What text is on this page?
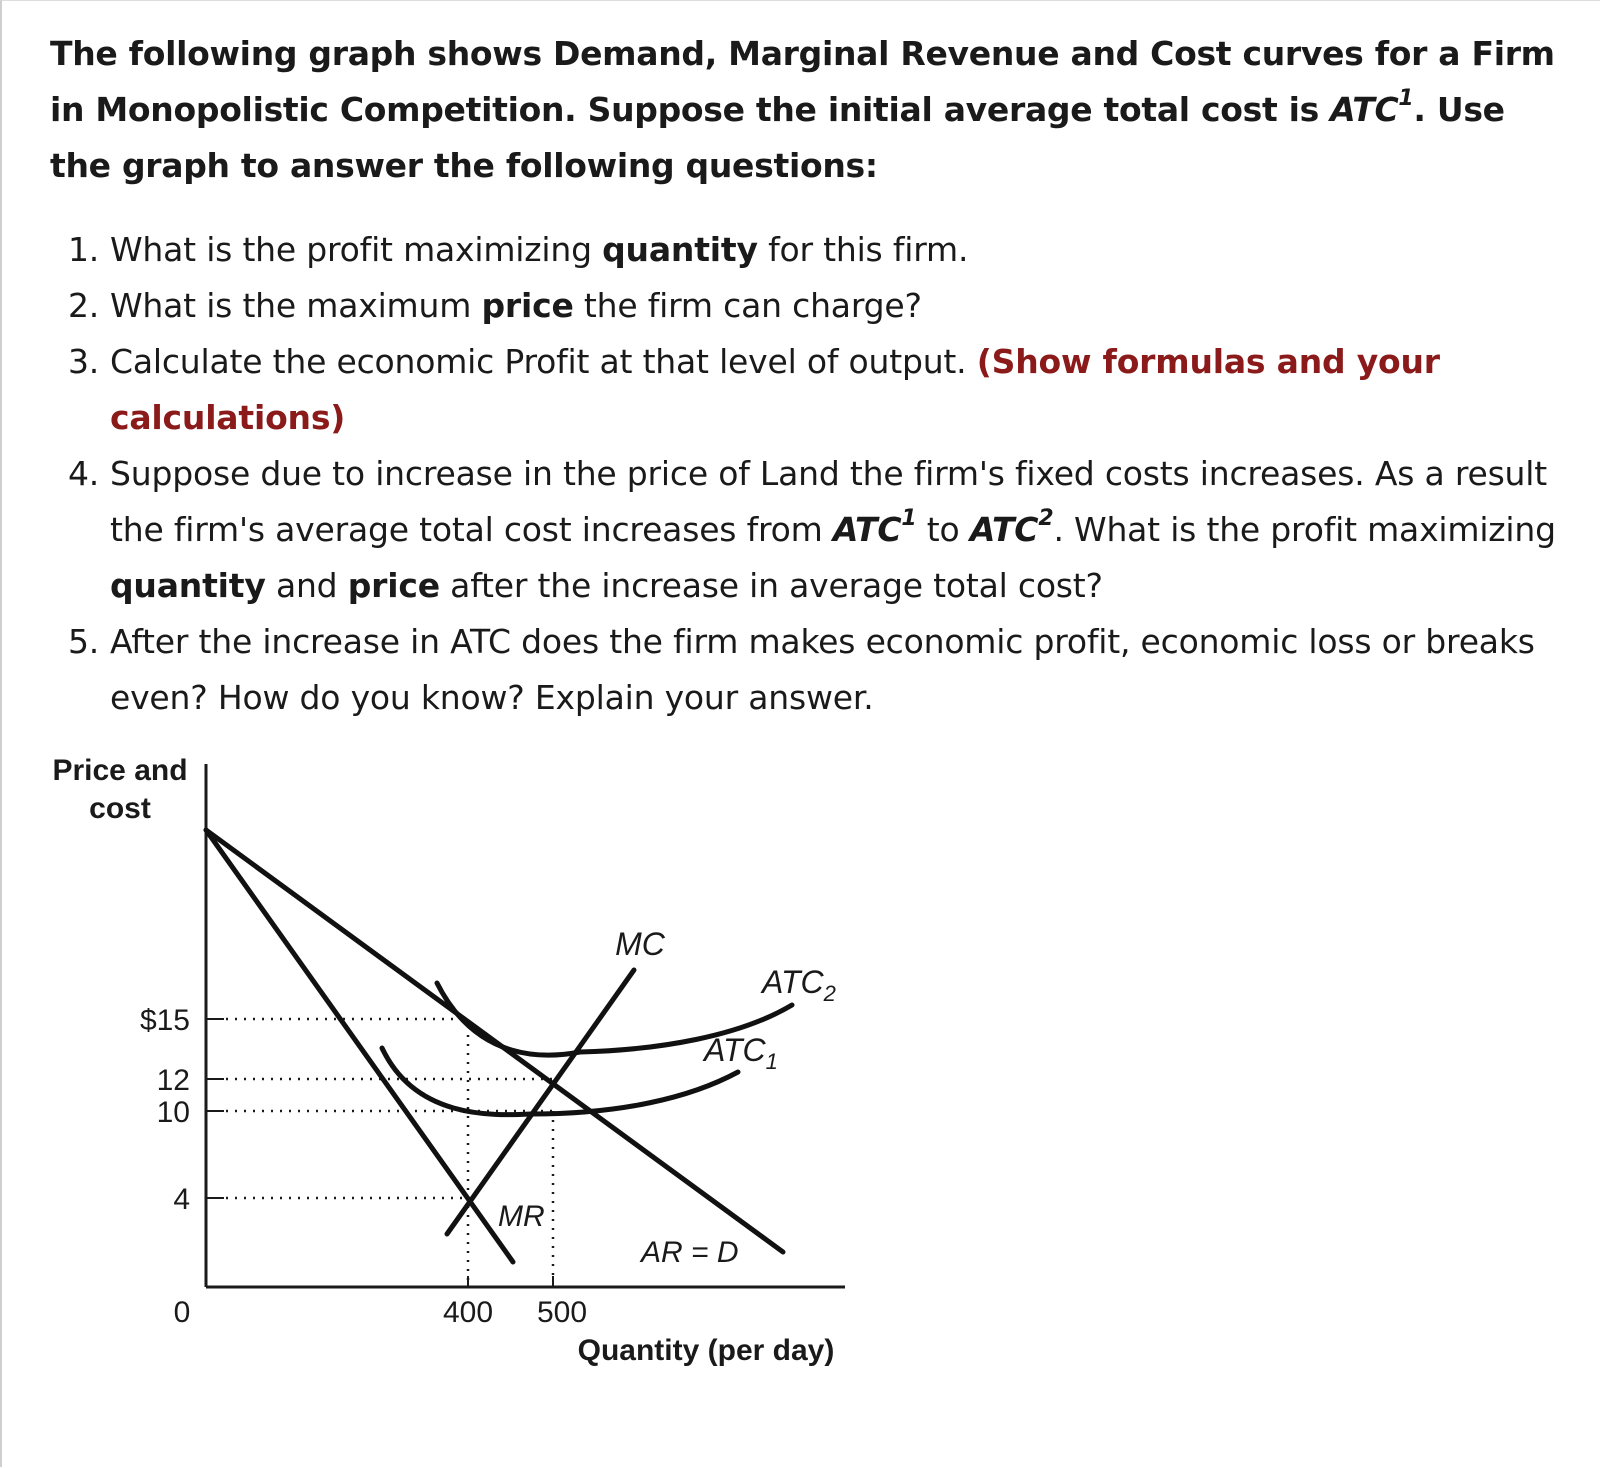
The following graph shows Demand, Marginal Revenue and Cost curves for a Firm in Monopolistic Competition. Suppose the initial average total cost is ATC$^1$. Use the graph to answer the following questions:
1. What is the profit maximizing quantity for this firm.
2. What is the maximum price the firm can charge?
3. Calculate the economic Profit at that level of output. (Show formulas and your calculations)
4. Suppose due to increase in the price of Land the firm's fixed costs increases. As a result the firm's average total cost increases from ATC$^1$ to ATC$^2$. What is the profit maximizing quantity and price after the increase in average total cost?
5. After the increase in ATC does the firm makes economic profit, economic loss or breaks even? How do you know? Explain your answer.
Price and
cost
Quantity (per day)
$15
12
10
4
0	400 500
MC
$ATC_2$
$ATC_1$
MR
AR = D
